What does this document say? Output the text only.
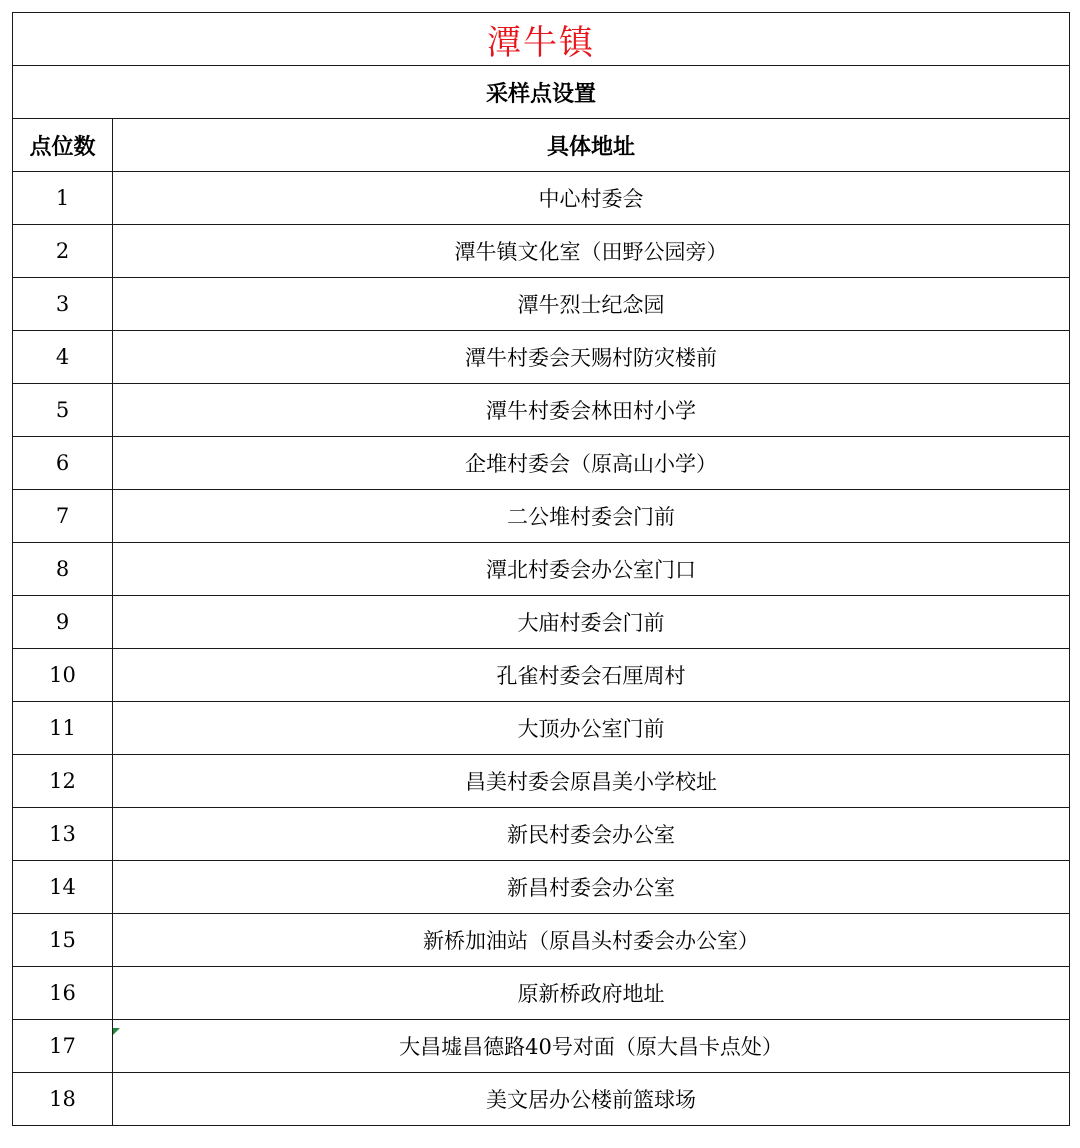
潭牛镇	
采样点设置	
点位数	具体地址
1	中心村委会
2	潭牛镇文化室（田野公园旁）
3	潭牛烈士纪念园
4	潭牛村委会天赐村防灾楼前
5	潭牛村委会林田村小学
6	企堆村委会（原高山小学）
7	二公堆村委会门前
8	潭北村委会办公室门口
9	大庙村委会门前
10	孔雀村委会石厘周村
11	大顶办公室门前
12	昌美村委会原昌美小学校址
13	新民村委会办公室
14	新昌村委会办公室
15	新桥加油站（原昌头村委会办公室）
16	原新桥政府地址
17	大昌墟昌德路40号对面（原大昌卡点处）
18	美文居办公楼前篮球场
